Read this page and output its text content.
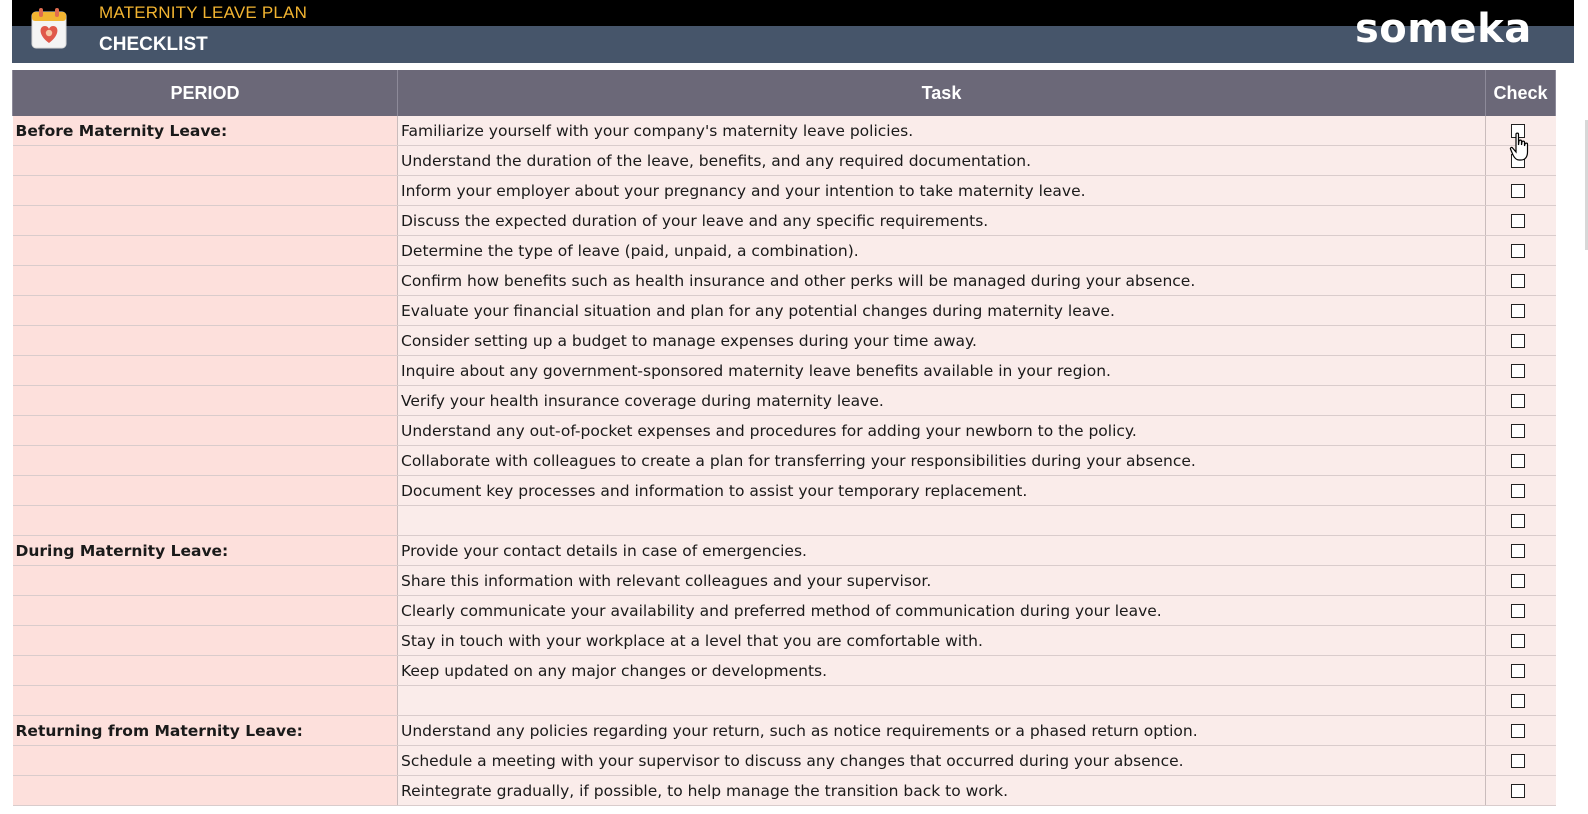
MATERNITY LEAVE PLAN
CHECKLIST	someka
PERIOD	Task	Check
Before Maternity Leave:	Familiarize yourself with your company's maternity leave policies.	
	Understand the duration of the leave, benefits, and any required documentation.	
	Inform your employer about your pregnancy and your intention to take maternity leave.	
	Discuss the expected duration of your leave and any specific requirements.	
	Determine the type of leave (paid, unpaid, a combination).	
	Confirm how benefits such as health insurance and other perks will be managed during your absence.	
	Evaluate your financial situation and plan for any potential changes during maternity leave.	
	Consider setting up a budget to manage expenses during your time away.	
	Inquire about any government-sponsored maternity leave benefits available in your region.	
	Verify your health insurance coverage during maternity leave.	
	Understand any out-of-pocket expenses and procedures for adding your newborn to the policy.	
	Collaborate with colleagues to create a plan for transferring your responsibilities during your absence.	
	Document key processes and information to assist your temporary replacement.	

During Maternity Leave:	Provide your contact details in case of emergencies.	
	Share this information with relevant colleagues and your supervisor.	
	Clearly communicate your availability and preferred method of communication during your leave.	
	Stay in touch with your workplace at a level that you are comfortable with.	
	Keep updated on any major changes or developments.	

Returning from Maternity Leave:	Understand any policies regarding your return, such as notice requirements or a phased return option.	
	Schedule a meeting with your supervisor to discuss any changes that occurred during your absence.	
	Reintegrate gradually, if possible, to help manage the transition back to work.	
